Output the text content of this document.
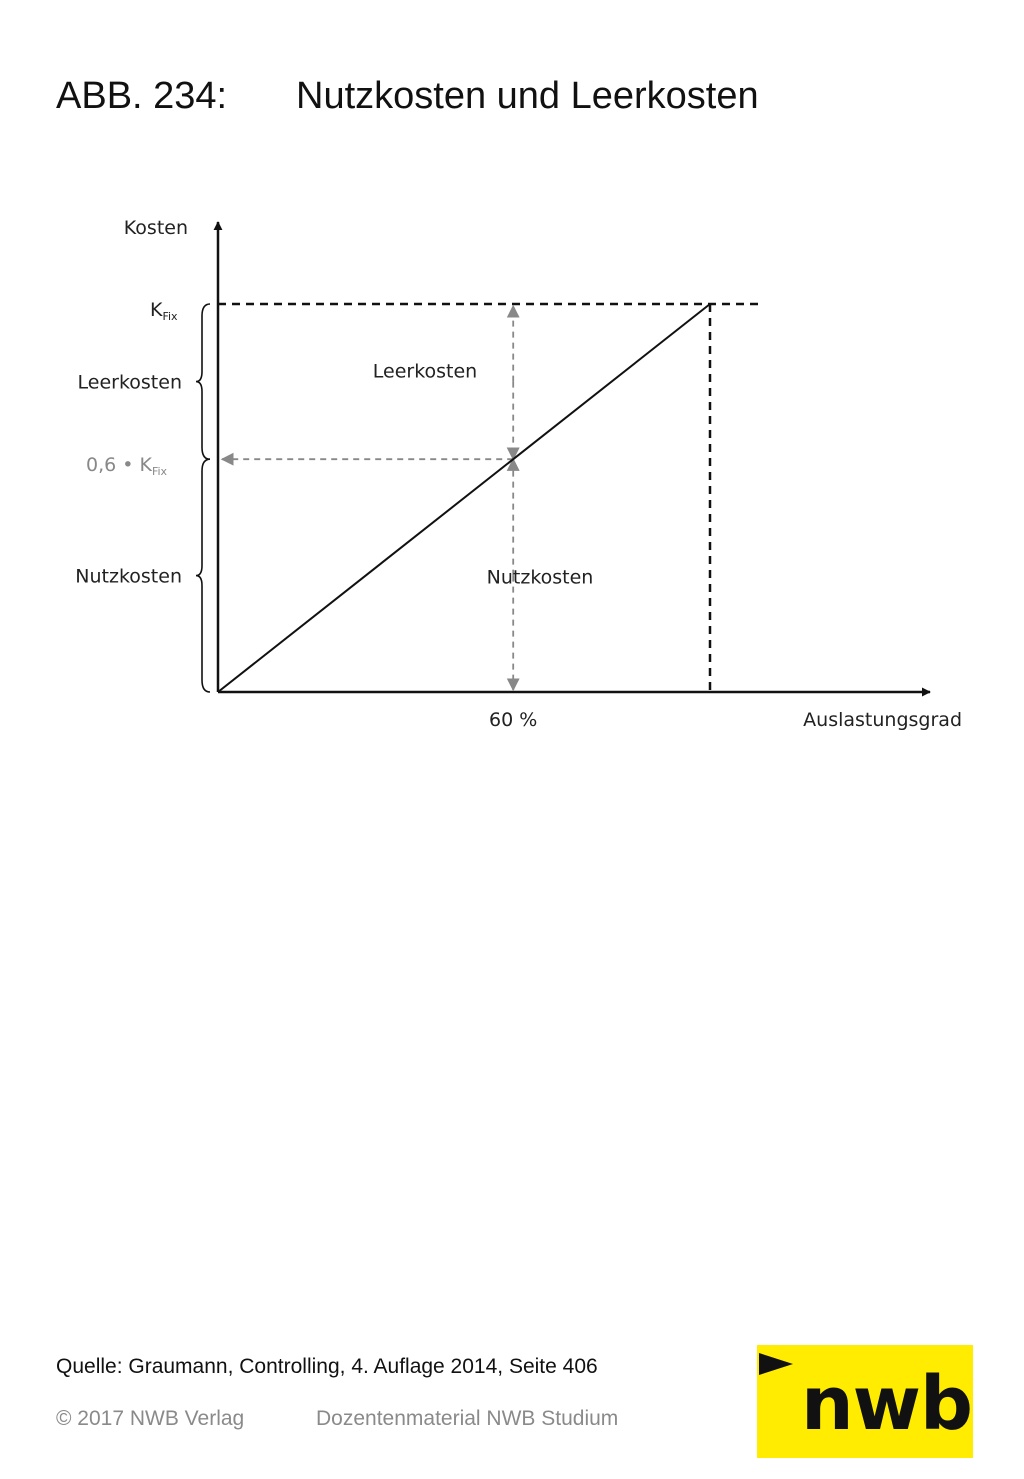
ABB. 234: Nutzkosten und Leerkosten
Kosten
Auslastungsgrad
$K_{Fix}$
0,6 • $K_{Fix}$
60 %
Leerkosten
Nutzkosten
Leerkosten
Nutzkosten
Quelle: Graumann, Controlling, 4. Auflage 2014, Seite 406
© 2017 NWB Verlag	Dozentenmaterial NWB Studium nwb
